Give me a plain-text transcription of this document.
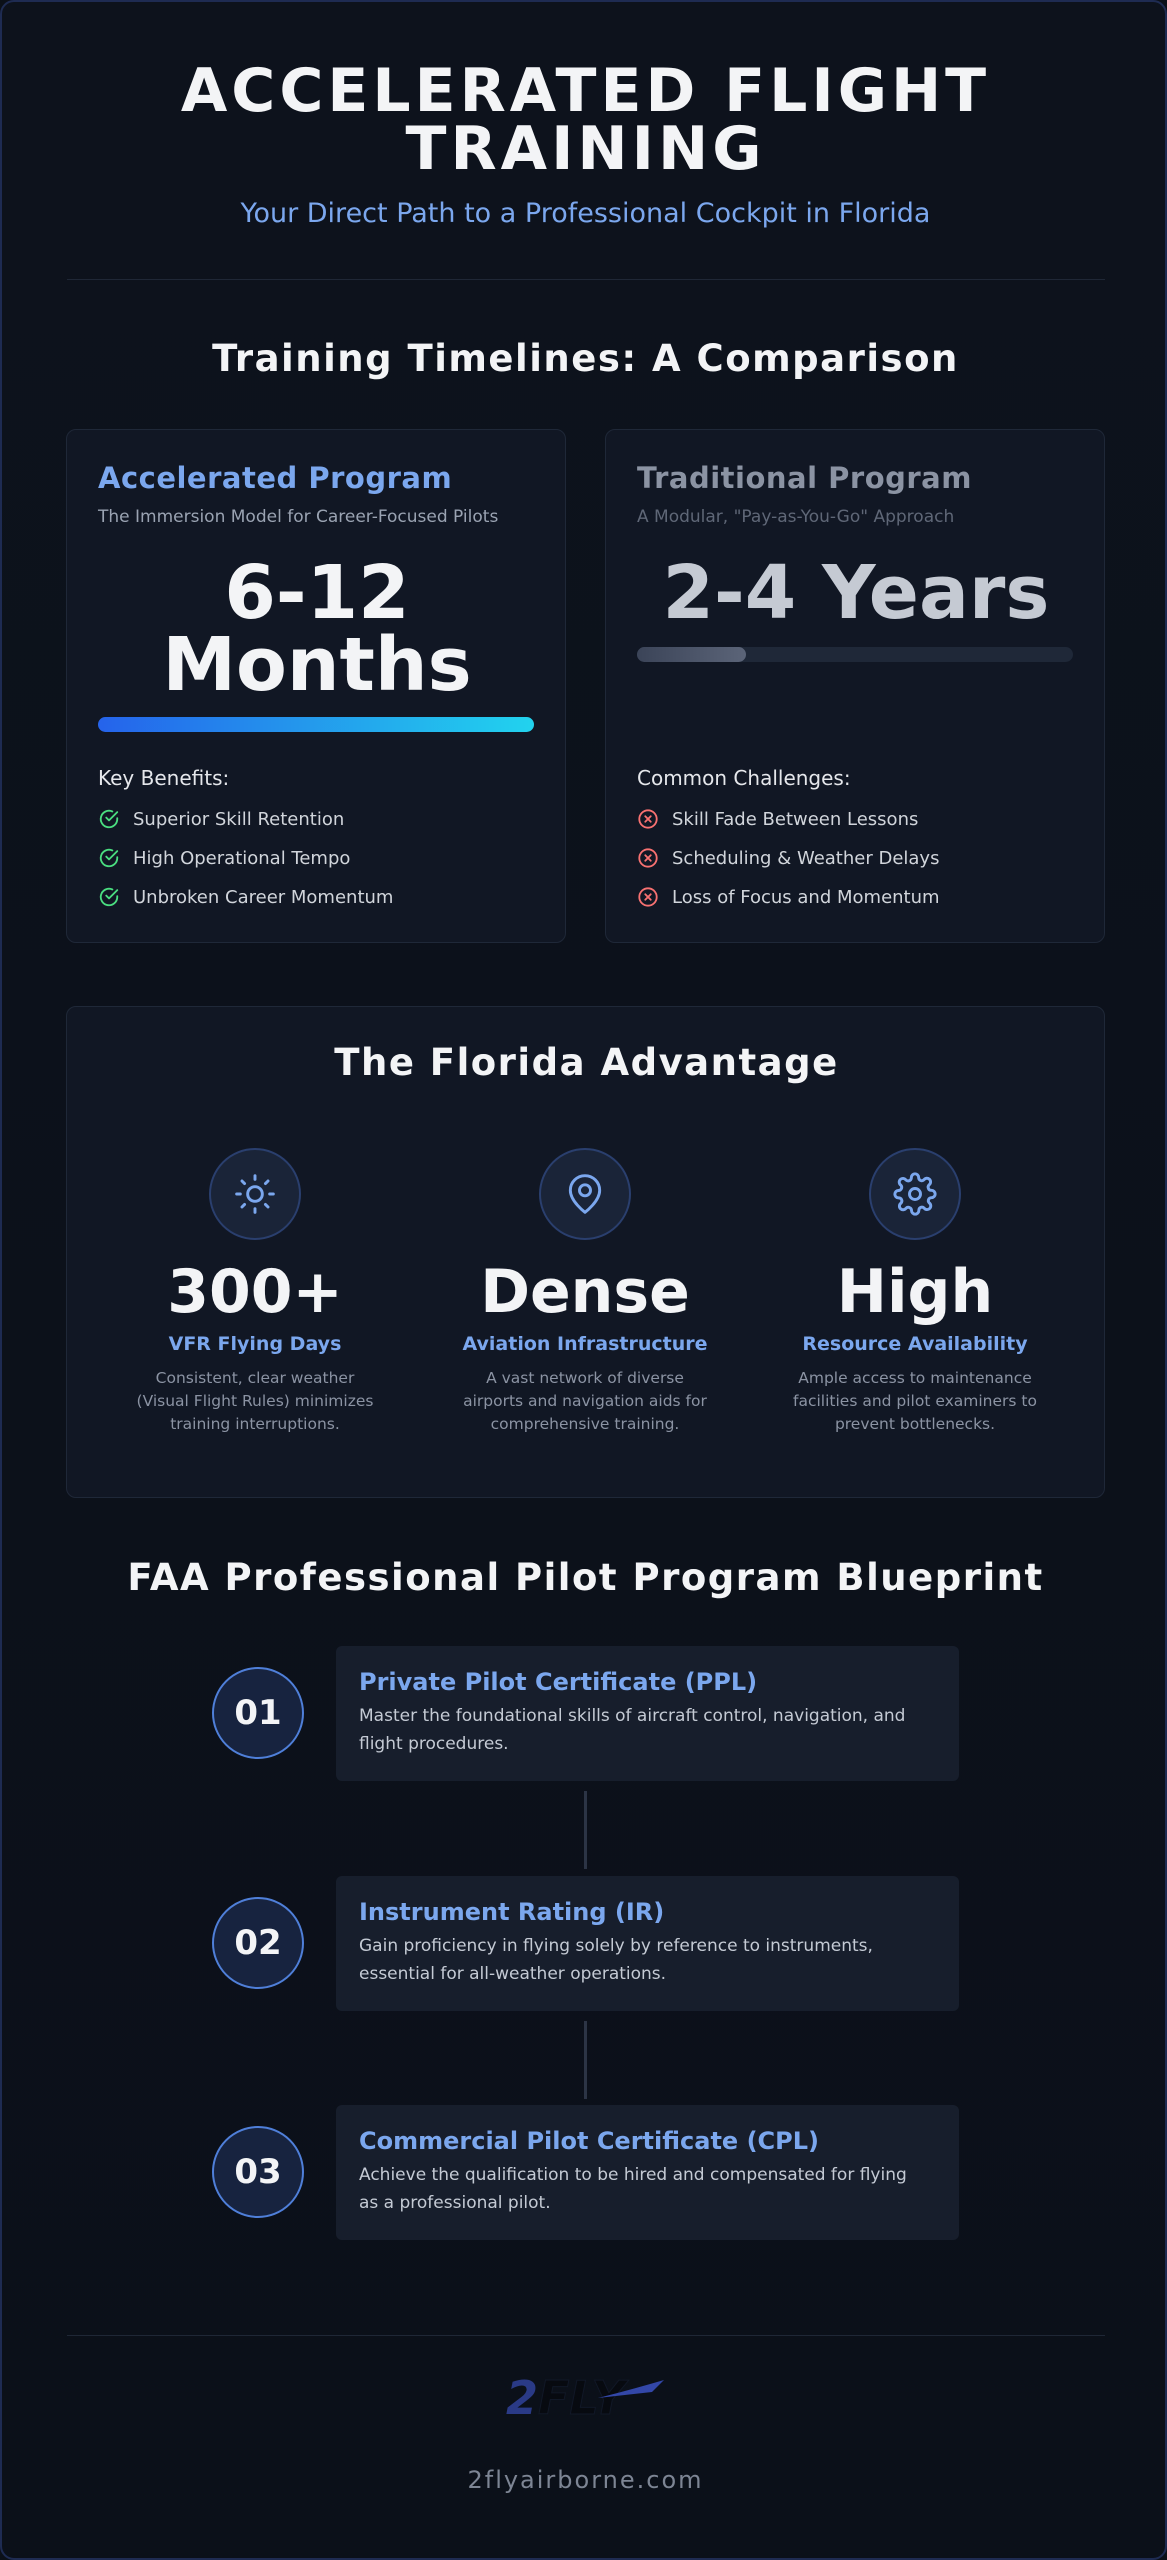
ACCELERATED FLIGHT
TRAINING
Your Direct Path to a Professional Cockpit in Florida
Training Timelines: A Comparison
Accelerated Program
The Immersion Model for Career-Focused Pilots
6-12
Months
Key Benefits:
Superior Skill Retention
High Operational Tempo
Unbroken Career Momentum
Traditional Program
A Modular, "Pay-as-You-Go" Approach
2-4 Years
Common Challenges:
Skill Fade Between Lessons
Scheduling & Weather Delays
Loss of Focus and Momentum
The Florida Advantage
300+
VFR Flying Days
Consistent, clear weather
(Visual Flight Rules) minimizes
training interruptions.
Dense
Aviation Infrastructure
A vast network of diverse
airports and navigation aids for
comprehensive training.
High
Resource Availability
Ample access to maintenance
facilities and pilot examiners to
prevent bottlenecks.
FAA Professional Pilot Program Blueprint
01
Private Pilot Certificate (PPL)
Master the foundational skills of aircraft control, navigation, and
flight procedures.
02
Instrument Rating (IR)
Gain proficiency in flying solely by reference to instruments,
essential for all-weather operations.
03
Commercial Pilot Certificate (CPL)
Achieve the qualification to be hired and compensated for flying
as a professional pilot.
2 FLY
2flyairborne.com
